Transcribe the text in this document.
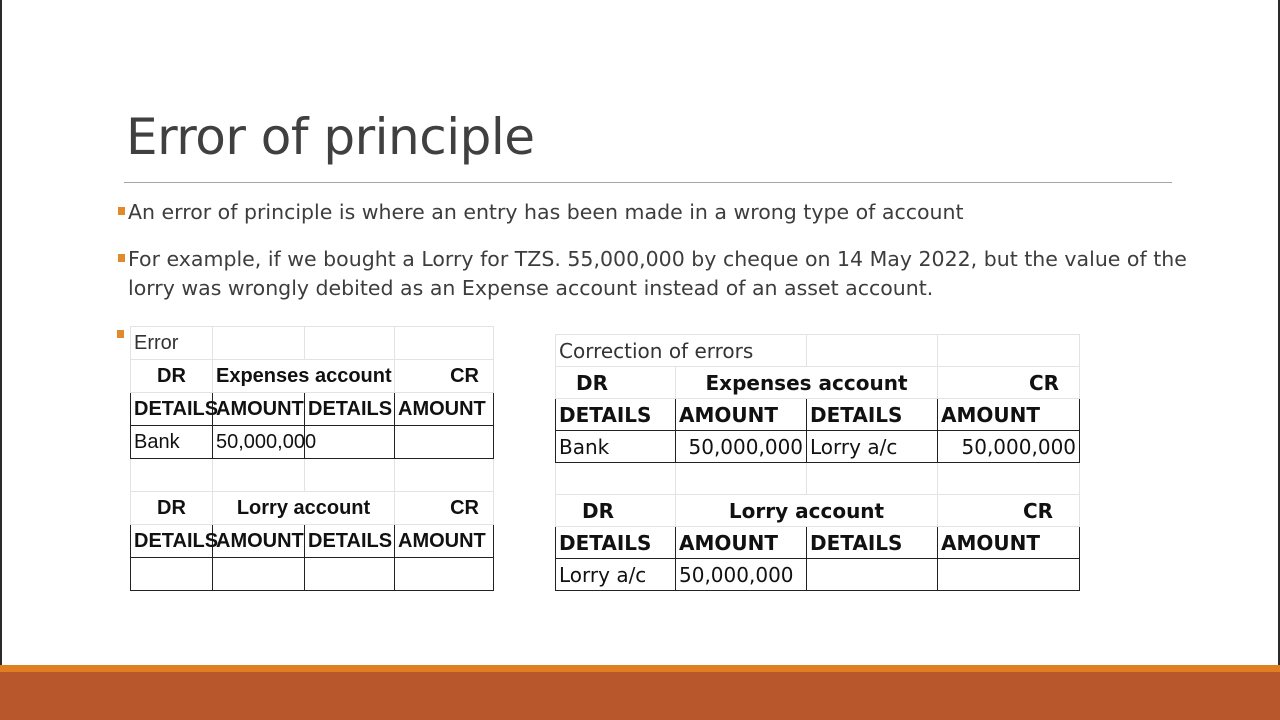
Error of principle
An error of principle is where an entry has been made in a wrong type of account
For example, if we bought a Lorry for TZS. 55,000,000 by cheque on 14 May 2022, but the value of the lorry was wrongly debited as an Expense account instead of an asset account.
Error			
DR	Expenses account		CR
DETAILS	AMOUNT	DETAILS	AMOUNT
Bank	50,000,000		

DR	Lorry account		CR
DETAILS	AMOUNT	DETAILS	AMOUNT

Correction of errors			
DR	Expenses account		CR
DETAILS	AMOUNT	DETAILS	AMOUNT
Bank	50,000,000	Lorry a/c	50,000,000

DR	Lorry account		CR
DETAILS	AMOUNT	DETAILS	AMOUNT
Lorry a/c	50,000,000		
